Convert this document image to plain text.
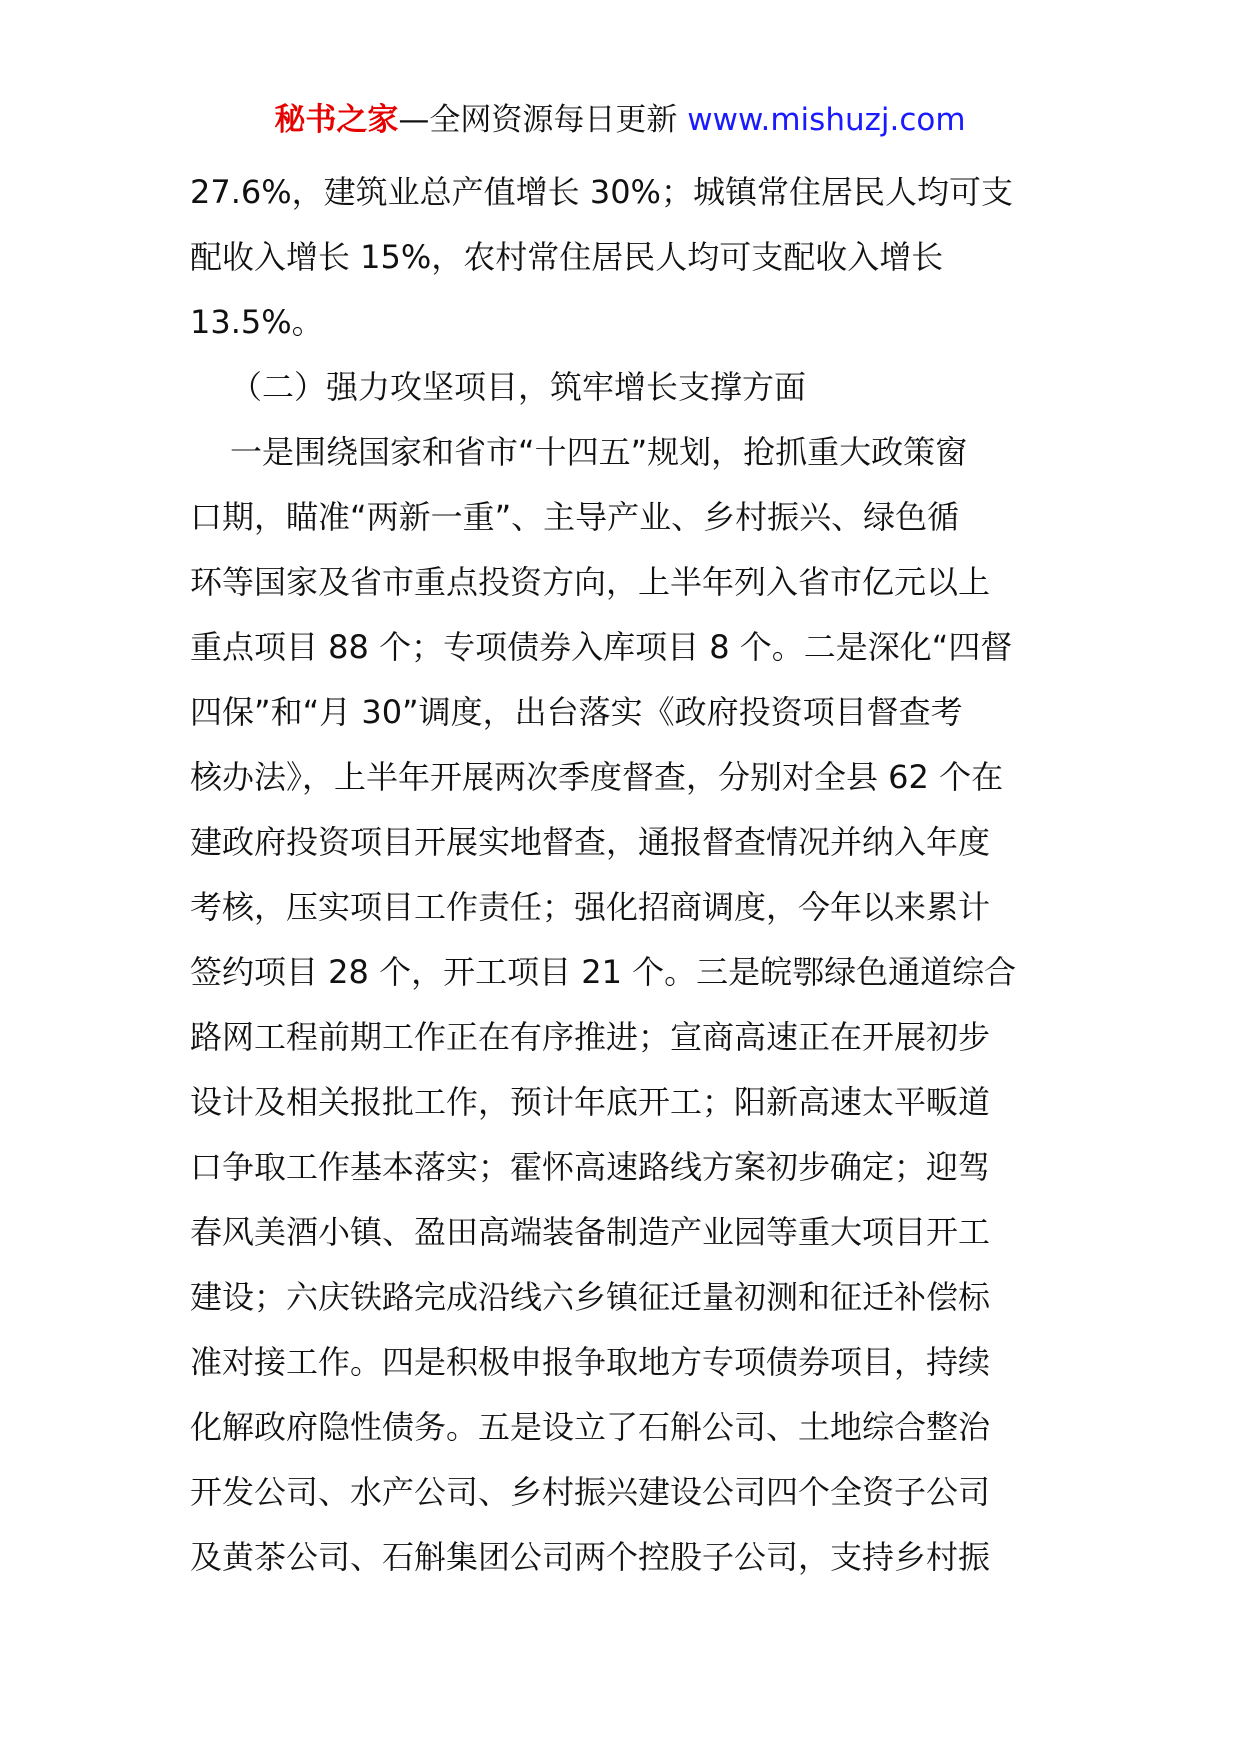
秘书之家—全网资源每日更新 www.mishuzj.com
27.6%，建筑业总产值增长 30%；城镇常住居民人均可支
配收入增长 15%，农村常住居民人均可支配收入增长
13.5%。
（二）强力攻坚项目，筑牢增长支撑方面
一是围绕国家和省市“十四五”规划，抢抓重大政策窗
口期，瞄准“两新一重”、主导产业、乡村振兴、绿色循
环等国家及省市重点投资方向，上半年列入省市亿元以上
重点项目 88 个；专项债券入库项目 8 个。二是深化“四督
四保”和“月 30”调度，出台落实《政府投资项目督查考
核办法》，上半年开展两次季度督查，分别对全县 62 个在
建政府投资项目开展实地督查，通报督查情况并纳入年度
考核，压实项目工作责任；强化招商调度，今年以来累计
签约项目 28 个，开工项目 21 个。三是皖鄂绿色通道综合
路网工程前期工作正在有序推进；宣商高速正在开展初步
设计及相关报批工作，预计年底开工；阳新高速太平畈道
口争取工作基本落实；霍怀高速路线方案初步确定；迎驾
春风美酒小镇、盈田高端装备制造产业园等重大项目开工
建设；六庆铁路完成沿线六乡镇征迁量初测和征迁补偿标
准对接工作。四是积极申报争取地方专项债券项目，持续
化解政府隐性债务。五是设立了石斛公司、土地综合整治
开发公司、水产公司、乡村振兴建设公司四个全资子公司
及黄茶公司、石斛集团公司两个控股子公司，支持乡村振
